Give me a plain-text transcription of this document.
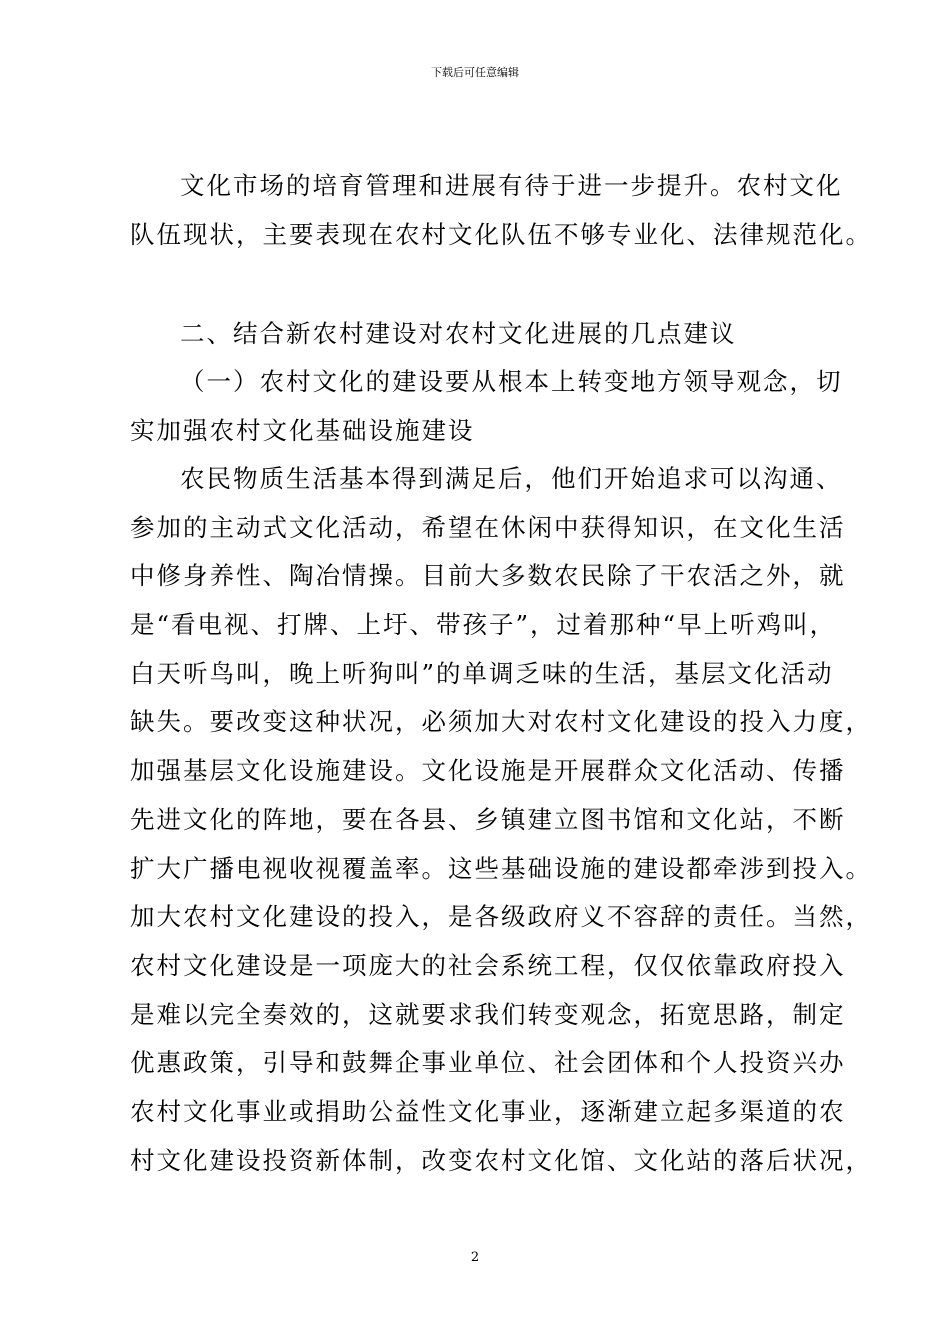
下载后可任意编辑
文化市场的培育管理和进展有待于进一步提升。农村文化
队伍现状，主要表现在农村文化队伍不够专业化、法律规范化。
二、结合新农村建设对农村文化进展的几点建议
（一）农村文化的建设要从根本上转变地方领导观念，切
实加强农村文化基础设施建设
农民物质生活基本得到满足后，他们开始追求可以沟通、
参加的主动式文化活动，希望在休闲中获得知识，在文化生活
中修身养性、陶冶情操。目前大多数农民除了干农活之外，就
是“看电视、打牌、上圩、带孩子”，过着那种“早上听鸡叫，
白天听鸟叫，晚上听狗叫”的单调乏味的生活，基层文化活动
缺失。要改变这种状况，必须加大对农村文化建设的投入力度，
加强基层文化设施建设。文化设施是开展群众文化活动、传播
先进文化的阵地，要在各县、乡镇建立图书馆和文化站，不断
扩大广播电视收视覆盖率。这些基础设施的建设都牵涉到投入。
加大农村文化建设的投入，是各级政府义不容辞的责任。当然，
农村文化建设是一项庞大的社会系统工程，仅仅依靠政府投入
是难以完全奏效的，这就要求我们转变观念，拓宽思路，制定
优惠政策，引导和鼓舞企事业单位、社会团体和个人投资兴办
农村文化事业或捐助公益性文化事业，逐渐建立起多渠道的农
村文化建设投资新体制，改变农村文化馆、文化站的落后状况，
2
